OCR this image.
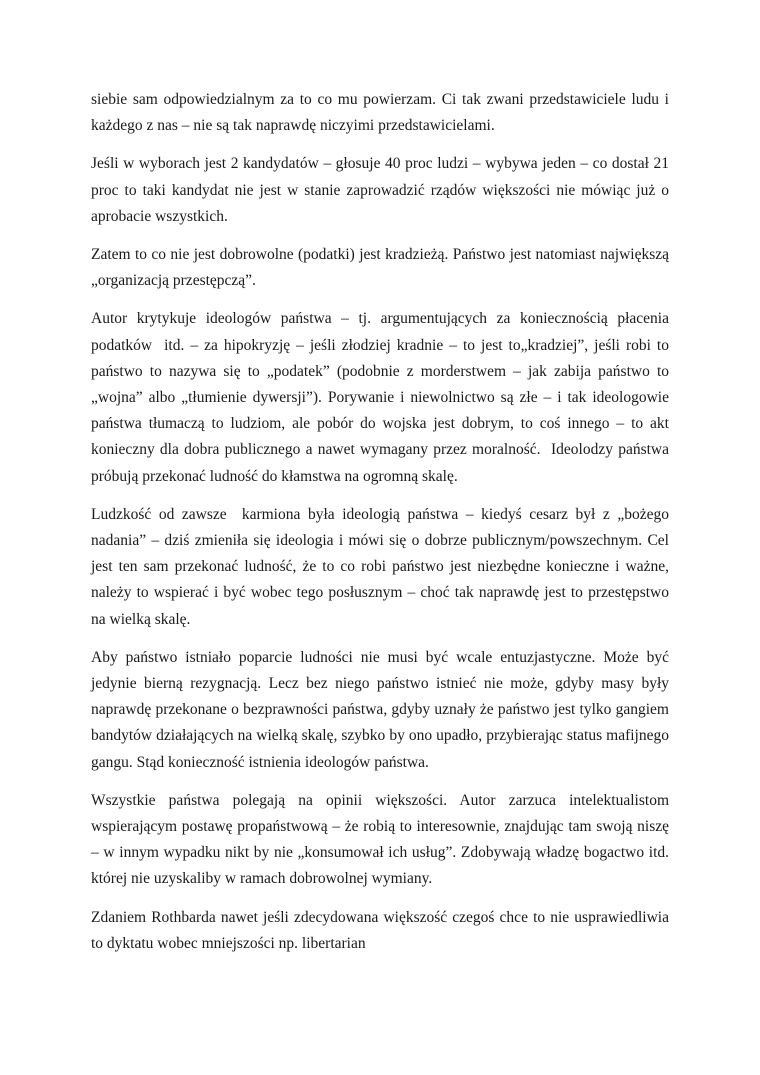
siebie sam odpowiedzialnym za to co mu powierzam. Ci tak zwani przedstawiciele ludu i każdego z nas – nie są tak naprawdę niczyimi przedstawicielami.

Jeśli w wyborach jest 2 kandydatów – głosuje 40 proc ludzi – wybywa jeden – co dostał 21 proc to taki kandydat nie jest w stanie zaprowadzić rządów większości nie mówiąc już o aprobacie wszystkich.

Zatem to co nie jest dobrowolne (podatki) jest kradzieżą. Państwo jest natomiast największą „organizacją przestępczą”.

Autor krytykuje ideologów państwa – tj. argumentujących za koniecznością płacenia podatków  itd. – za hipokryzję – jeśli złodziej kradnie – to jest to„kradziej”, jeśli robi to państwo to nazywa się to „podatek” (podobnie z morderstwem – jak zabija państwo to „wojna” albo „tłumienie dywersji”). Porywanie i niewolnictwo są złe – i tak ideologowie państwa tłumaczą to ludziom, ale pobór do wojska jest dobrym, to coś innego – to akt konieczny dla dobra publicznego a nawet wymagany przez moralność.  Ideolodzy państwa próbują przekonać ludność do kłamstwa na ogromną skalę.

Ludzkość od zawsze  karmiona była ideologią państwa – kiedyś cesarz był z „bożego nadania” – dziś zmieniła się ideologia i mówi się o dobrze publicznym/powszechnym. Cel jest ten sam przekonać ludność, że to co robi państwo jest niezbędne konieczne i ważne, należy to wspierać i być wobec tego posłusznym – choć tak naprawdę jest to przestępstwo na wielką skalę.

Aby państwo istniało poparcie ludności nie musi być wcale entuzjastyczne. Może być jedynie bierną rezygnacją. Lecz bez niego państwo istnieć nie może, gdyby masy były naprawdę przekonane o bezprawności państwa, gdyby uznały że państwo jest tylko gangiem bandytów działających na wielką skalę, szybko by ono upadło, przybierając status mafijnego gangu. Stąd konieczność istnienia ideologów państwa.

Wszystkie państwa polegają na opinii większości. Autor zarzuca intelektualistom wspierającym postawę propaństwową – że robią to interesownie, znajdując tam swoją niszę – w innym wypadku nikt by nie „konsumował ich usług”. Zdobywają władzę bogactwo itd. której nie uzyskaliby w ramach dobrowolnej wymiany.

Zdaniem Rothbarda nawet jeśli zdecydowana większość czegoś chce to nie usprawiedliwia to dyktatu wobec mniejszości np. libertarian
